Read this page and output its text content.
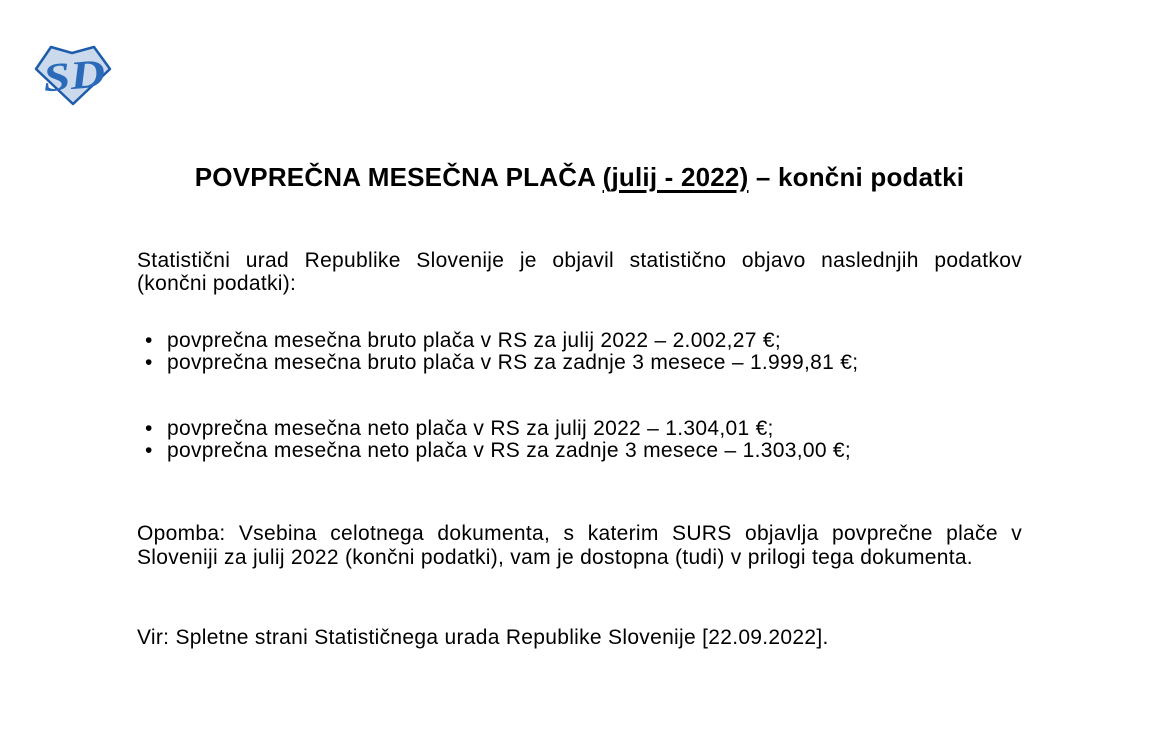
SD
POVPREČNA MESEČNA PLAČA (julij - 2022) – končni podatki
Statistični urad Republike Slovenije je objavil statistično objavo naslednjih podatkov
(končni podatki):
• povprečna mesečna bruto plača v RS za julij 2022 – 2.002,27 €;
• povprečna mesečna bruto plača v RS za zadnje 3 mesece – 1.999,81 €;
• povprečna mesečna neto plača v RS za julij 2022 – 1.304,01 €;
• povprečna mesečna neto plača v RS za zadnje 3 mesece – 1.303,00 €;
Opomba: Vsebina celotnega dokumenta, s katerim SURS objavlja povprečne plače v
Sloveniji za julij 2022 (končni podatki), vam je dostopna (tudi) v prilogi tega dokumenta.
Vir: Spletne strani Statističnega urada Republike Slovenije [22.09.2022].
